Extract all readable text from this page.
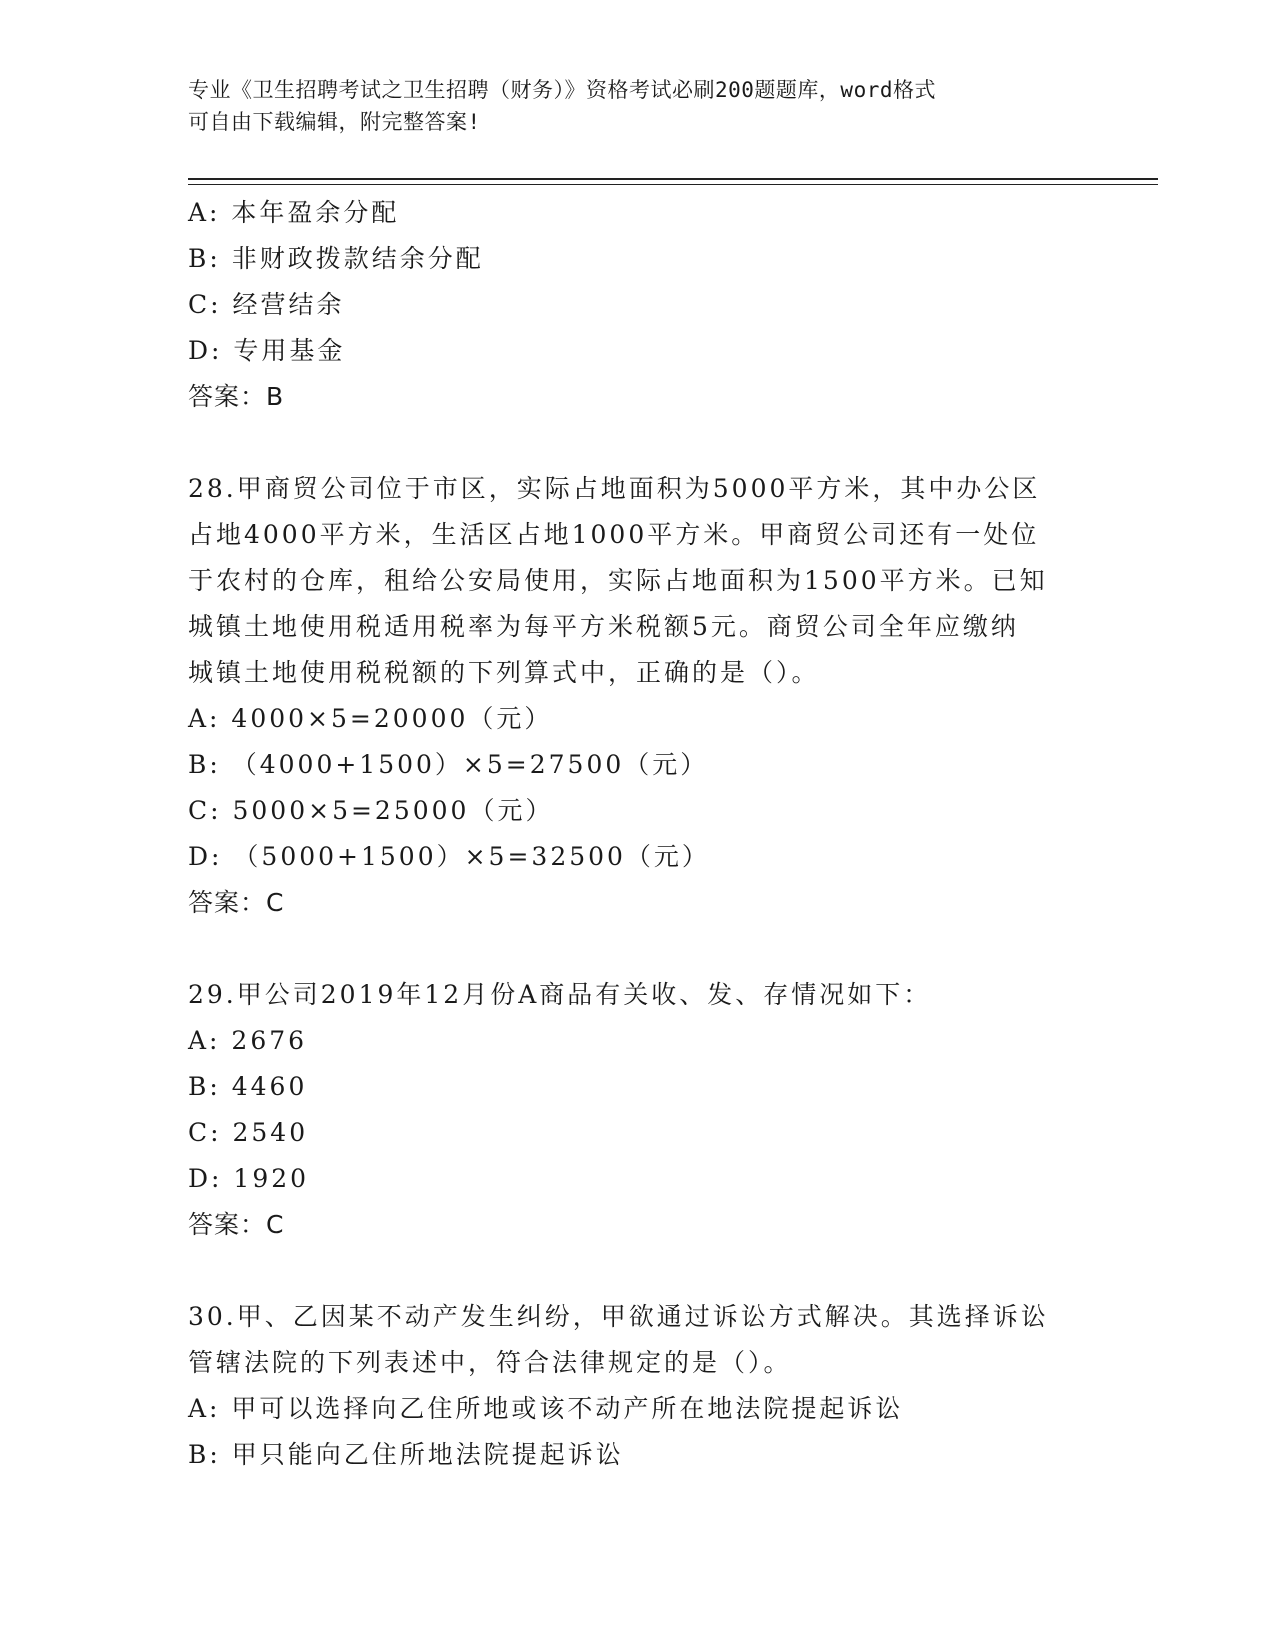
专业《卫生招聘考试之卫生招聘（财务）》资格考试必刷200题题库，word格式
可自由下载编辑，附完整答案!
A: 本年盈余分配
B: 非财政拨款结余分配
C: 经营结余
D: 专用基金
答案：B
28.甲商贸公司位于市区，实际占地面积为5000平方米，其中办公区
占地4000平方米，生活区占地1000平方米。甲商贸公司还有一处位
于农村的仓库，租给公安局使用，实际占地面积为1500平方米。已知
城镇土地使用税适用税率为每平方米税额5元。商贸公司全年应缴纳
城镇土地使用税税额的下列算式中，正确的是（）。
A: 4000×5=20000（元）
B: （4000+1500）×5=27500（元）
C: 5000×5=25000（元）
D: （5000+1500）×5=32500（元）
答案：C
29.甲公司2019年12月份A商品有关收、发、存情况如下：
A: 2676
B: 4460
C: 2540
D: 1920
答案：C
30.甲、乙因某不动产发生纠纷，甲欲通过诉讼方式解决。其选择诉讼
管辖法院的下列表述中，符合法律规定的是（）。
A: 甲可以选择向乙住所地或该不动产所在地法院提起诉讼
B: 甲只能向乙住所地法院提起诉讼
